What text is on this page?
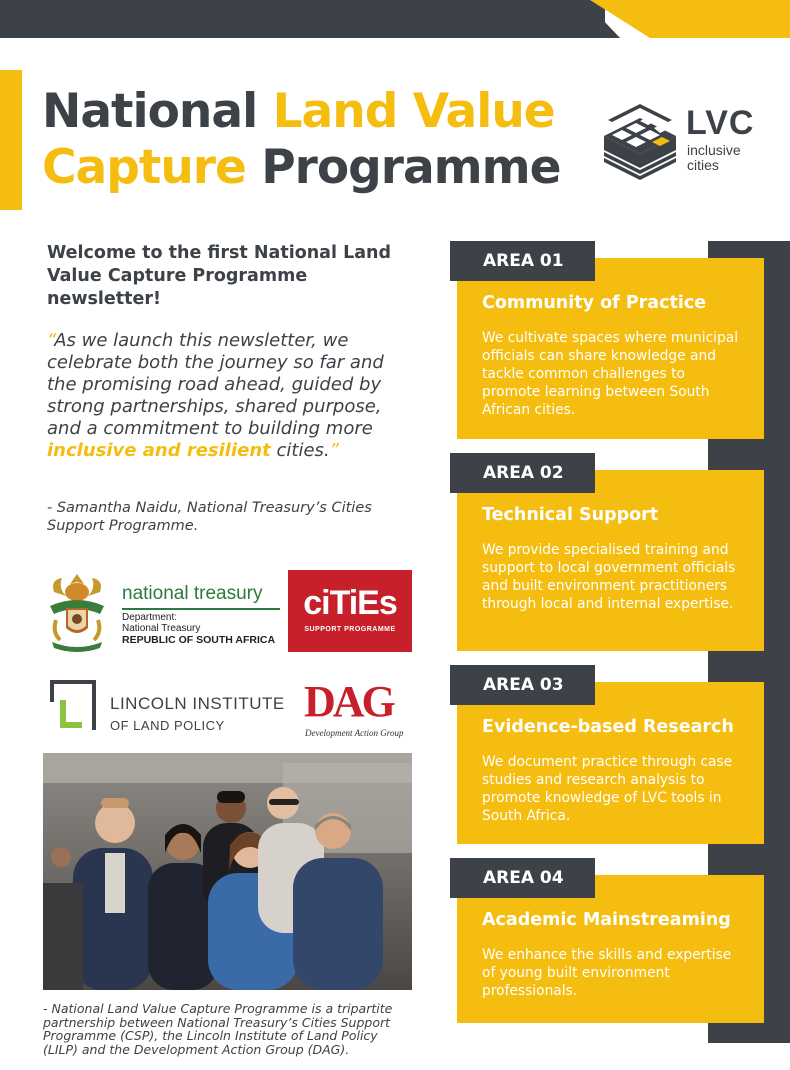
National Land Value
Capture Programme
LVC
inclusive
cities
Welcome to the first National Land Value Capture Programme newsletter!

“As we launch this newsletter, we celebrate both the journey so far and the promising road ahead, guided by strong partnerships, shared purpose, and a commitment to building more inclusive and resilient cities.”

- Samantha Naidu, National Treasury’s Cities Support Programme.

national treasury
Department:
National Treasury
REPUBLIC OF SOUTH AFRICA
ciTiEs
SUPPORT PROGRAMME
LINCOLN INSTITUTE
OF LAND POLICY DAG
Development Action Group

- National Land Value Capture Programme is a tripartite partnership between National Treasury’s Cities Support Programme (CSP), the Lincoln Institute of Land Policy (LILP) and the Development Action Group (DAG).

Community of Practice
We cultivate spaces where municipal officials can share knowledge and tackle common challenges to promote learning between South African cities.
AREA 01
Technical Support
We provide specialised training and support to local government officials and built environment practitioners through local and internal expertise.
AREA 02
Evidence-based Research
We document practice through case studies and research analysis to promote knowledge of LVC tools in South Africa.
AREA 03
Academic Mainstreaming
We enhance the skills and expertise of young built environment professionals.
AREA 04
